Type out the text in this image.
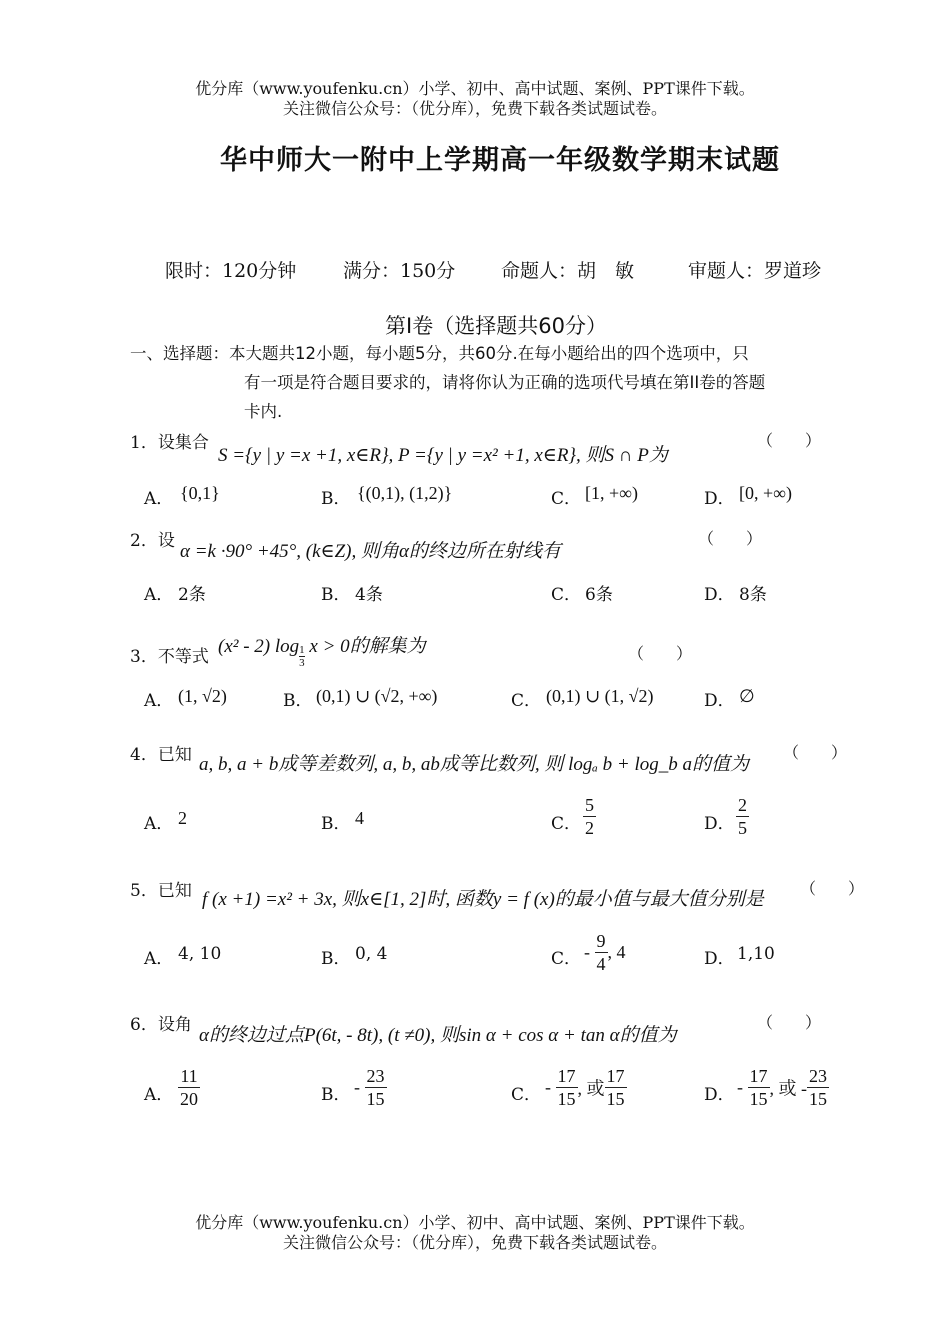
优分库（www.youfenku.cn）小学、初中、高中试题、案例、PPT课件下载。
关注微信公众号：（优分库），免费下载各类试题试卷。
华中师大一附中上学期高一年级数学期末试题
限时：120分钟 满分：150分 命题人：胡　敏	审题人：罗道珍
第I卷（选择题共60分）
一、选择题：本大题共12小题，每小题5分，共60分.在每小题给出的四个选项中，只
有一项是符合题目要求的，请将你认为正确的选项代号填在第II卷的答题
卡内.
1．设集合
S ={y | y =x +1, x∈R}, P ={y | y =x² +1, x∈R}, 则S ∩ P为
（　　）
A． {0,1}	B． {(0,1), (1,2)}	C． [1, +∞)	D． [0, +∞)
2．设 α =k ·90° +45°, (k∈Z), 则角α的终边所在射线有
（　　）
A． 2条	B． 4条	C． 6条	D． 8条
3．不等式 (x² - 2) $\log \frac{1}{3}$ x > 0的解集为	（　　）
A． (1, √2)	B． (0,1) ∪ (√2, +∞)	C． (0,1) ∪ (1, √2)	D． ∅
4．已知 a, b, a + b成等差数列, a, b, ab成等比数列, 则 logₐ b + log_b a的值为
（　　）
A． 2	B． 4	C． $\frac{5}{2}$	D． $\frac{2}{5}$
5．已知 f (x +1) =x² + 3x, 则x∈[1, 2]时, 函数y = f (x)的最小值与最大值分别是
（　　）
A． 4, 10	B． 0, 4	C． - $\frac{9}{4}$ , 4	D． 1,10
6．设角 α的终边过点P(6t, - 8t), (t ≠0), 则sin α + cos α + tan α的值为
（　　）
A． $\frac{11}{20}$	B． - $\frac{23}{15}$	C． - $\frac{17}{15}$ , 或 $\frac{17}{15}$	D． - $\frac{17}{15}$ , 或 - $\frac{23}{15}$
优分库（www.youfenku.cn）小学、初中、高中试题、案例、PPT课件下载。
关注微信公众号：（优分库），免费下载各类试题试卷。
